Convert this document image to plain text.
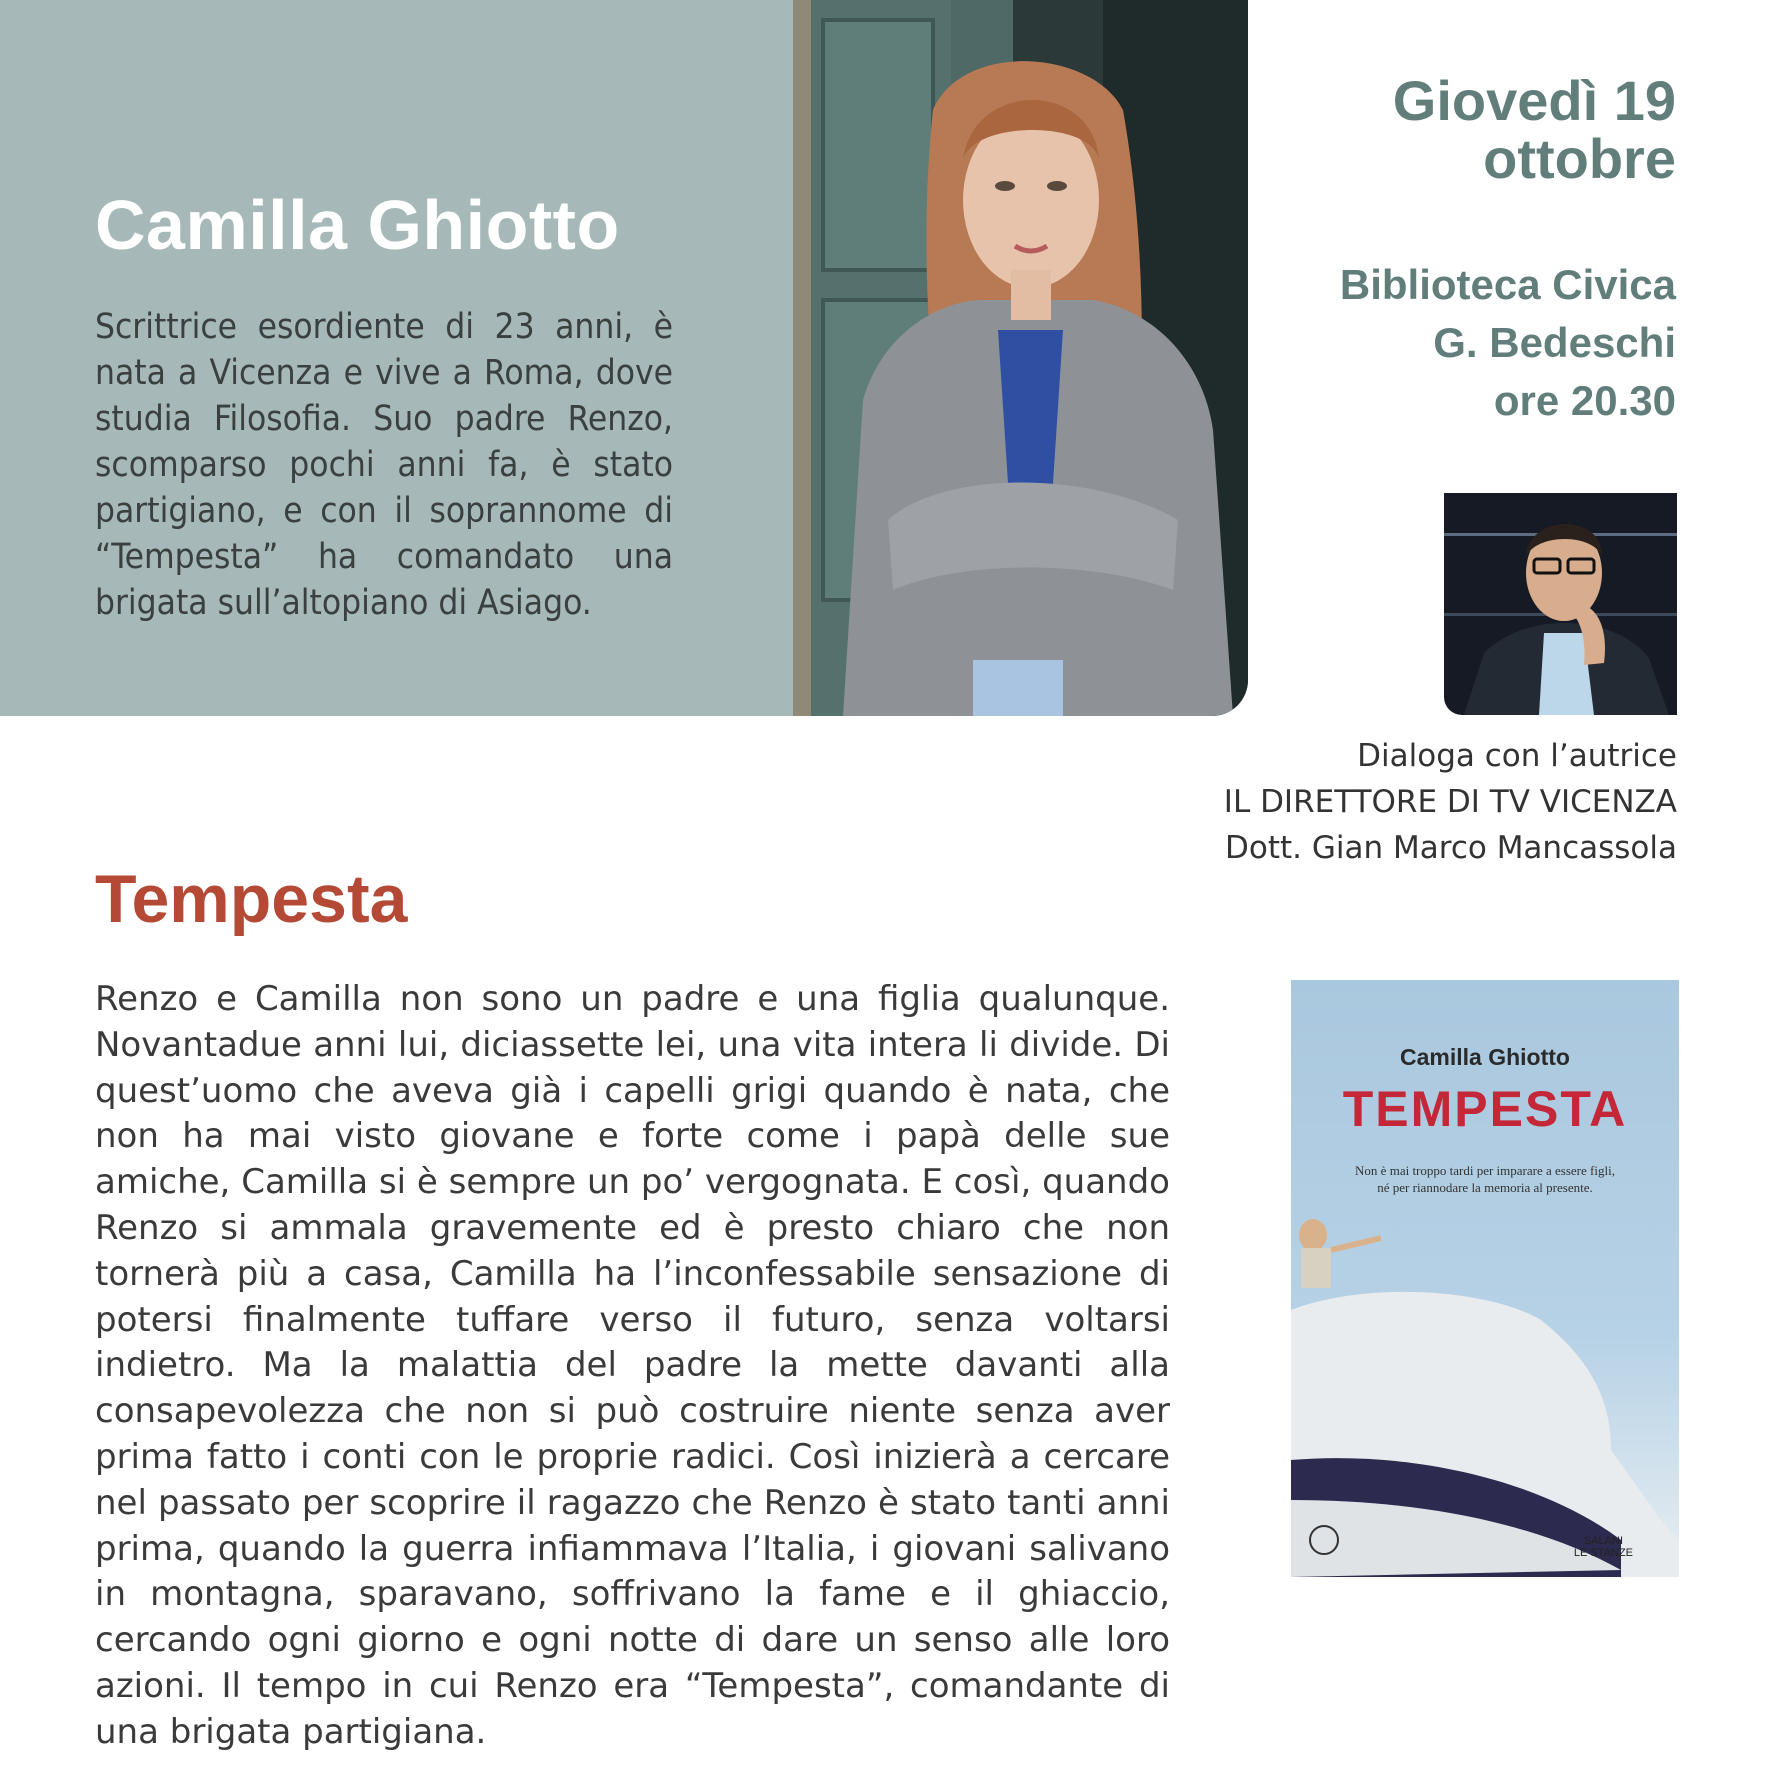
Camilla Ghiotto

Scrittrice esordiente di 23 anni, è nata a Vicenza e vive a Roma, dove studia Filosofia. Suo padre Renzo, scomparso pochi anni fa, è stato partigiano, e con il soprannome di “Tempesta” ha comandato una brigata sull’altopiano di Asiago.

Giovedì 19
ottobre
Biblioteca Civica
G. Bedeschi
ore 20.30
Dialoga con l’autrice
IL DIRETTORE DI TV VICENZA
Dott. Gian Marco Mancassola
Tempesta

Renzo e Camilla non sono un padre e una figlia qualunque. Novantadue anni lui, diciassette lei, una vita intera li divide. Di quest’uomo che aveva già i capelli grigi quando è nata, che non ha mai visto giovane e forte come i papà delle sue amiche, Camilla si è sempre un po’ vergognata. E così, quando Renzo si ammala gravemente ed è presto chiaro che non tornerà più a casa, Camilla ha l’inconfessabile sensazione di potersi finalmente tuffare verso il futuro, senza voltarsi indietro. Ma la malattia del padre la mette davanti alla consapevolezza che non si può costruire niente senza aver prima fatto i conti con le proprie radici. Così inizierà a cercare nel passato per scoprire il ragazzo che Renzo è stato tanti anni prima, quando la guerra infiammava l’Italia, i giovani salivano in montagna, sparavano, soffrivano la fame e il ghiaccio, cercando ogni giorno e ogni notte di dare un senso alle loro azioni. Il tempo in cui Renzo era “Tempesta”, comandante di una brigata partigiana.

Camilla Ghiotto
TEMPESTA
Non è mai troppo tardi per imparare a essere figli,
né per riannodare la memoria al presente.
SALANI
LE STANZE
